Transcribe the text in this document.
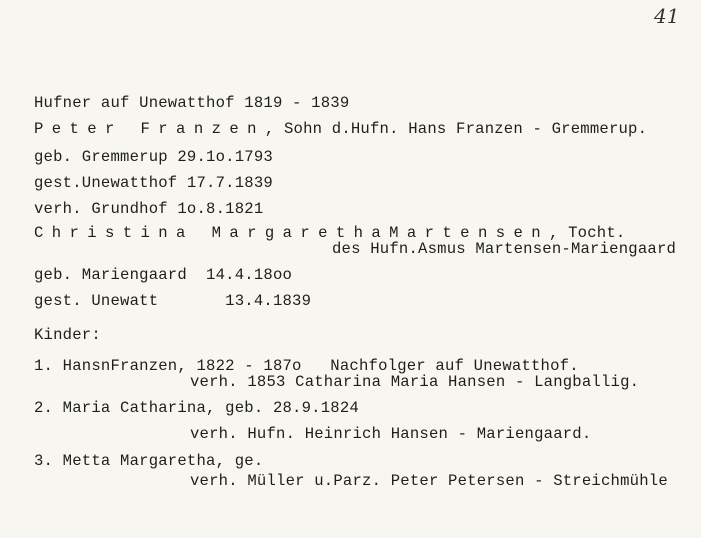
41
Hufner auf Unewatthof 1819 - 1839
Peter Franzen, Sohn d.Hufn. Hans Franzen - Gremmerup.
geb. Gremmerup 29.1o.1793
gest.Unewatthof 17.7.1839
verh. Grundhof 1o.8.1821
Christina MargarethaMartensen, Tocht.
des Hufn.Asmus Martensen-Mariengaard
geb. Mariengaard  14.4.18oo
gest. Unewatt       13.4.1839
Kinder:
1. HansnFranzen, 1822 - 187o   Nachfolger auf Unewatthof.
verh. 1853 Catharina Maria Hansen - Langballig.
2. Maria Catharina, geb. 28.9.1824
verh. Hufn. Heinrich Hansen - Mariengaard.
3. Metta Margaretha, ge.
verh. Müller u.Parz. Peter Petersen - Streichmühle
